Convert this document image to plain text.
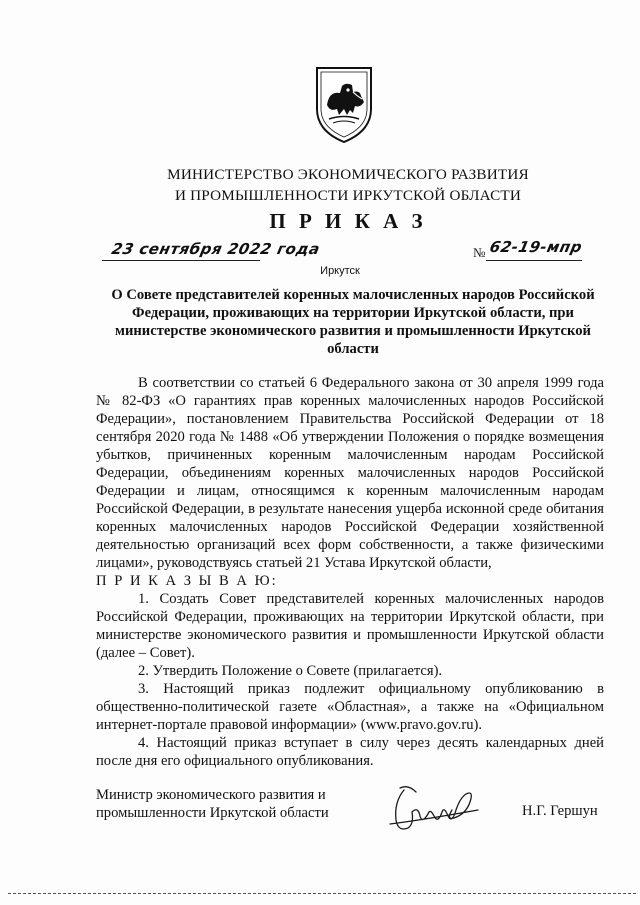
МИНИСТЕРСТВО ЭКОНОМИЧЕСКОГО РАЗВИТИЯ
И ПРОМЫШЛЕННОСТИ ИРКУТСКОЙ ОБЛАСТИ
П Р И К А З
23 сентября 2022 года	№ 62-19-мпр
Иркутск
О Совете представителей коренных малочисленных народов Российской Федерации, проживающих на территории Иркутской области, при министерстве экономического развития и промышленности Иркутской области

В соответствии со статьей 6 Федерального закона от 30 апреля 1999 года № 82-ФЗ «О гарантиях прав коренных малочисленных народов Российской Федерации», постановлением Правительства Российской Федерации от 18 сентября 2020 года № 1488 «Об утверждении Положения о порядке возмещения убытков, причиненных коренным малочисленным народам Российской Федерации, объединениям коренных малочисленных народов Российской Федерации и лицам, относящимся к коренным малочисленным народам Российской Федерации, в результате нанесения ущерба исконной среде обитания коренных малочисленных народов Российской Федерации хозяйственной деятельностью организаций всех форм собственности, а также физическими лицами», руководствуясь статьей 21 Устава Иркутской области,

П Р И К А З Ы В А Ю:

1. Создать Совет представителей коренных малочисленных народов Российской Федерации, проживающих на территории Иркутской области, при министерстве экономического развития и промышленности Иркутской области (далее – Совет).

2. Утвердить Положение о Совете (прилагается).

3. Настоящий приказ подлежит официальному опубликованию в общественно-политической газете «Областная», а также на «Официальном интернет-портале правовой информации» (www.pravo.gov.ru).

4. Настоящий приказ вступает в силу через десять календарных дней после дня его официального опубликования.

Министр экономического развития и
промышленности Иркутской области	Н.Г. Гершун
